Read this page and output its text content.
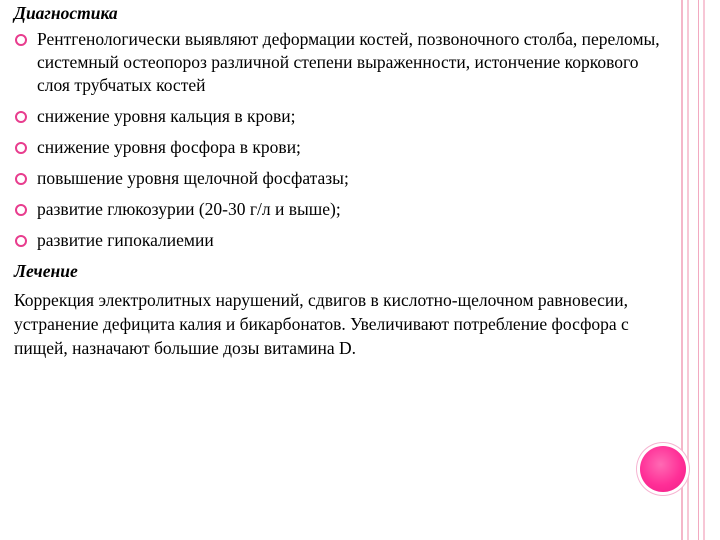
Диагностика

Рентгенологически выявляют деформации костей, позвоночного столба, переломы, системный остеопороз различной степени выраженности, истончение коркового слоя трубчатых костей
снижение уровня кальция в крови;
снижение уровня фосфора в крови;
повышение уровня щелочной фосфатазы;
развитие глюкозурии (20-30 г/л и выше);
развитие гипокалиемии

Лечение

Коррекция электролитных нарушений, сдвигов в кислотно-щелочном равновесии, устранение дефицита калия и бикарбонатов. Увеличивают потребление фосфора с пищей, назначают большие дозы витамина D.
